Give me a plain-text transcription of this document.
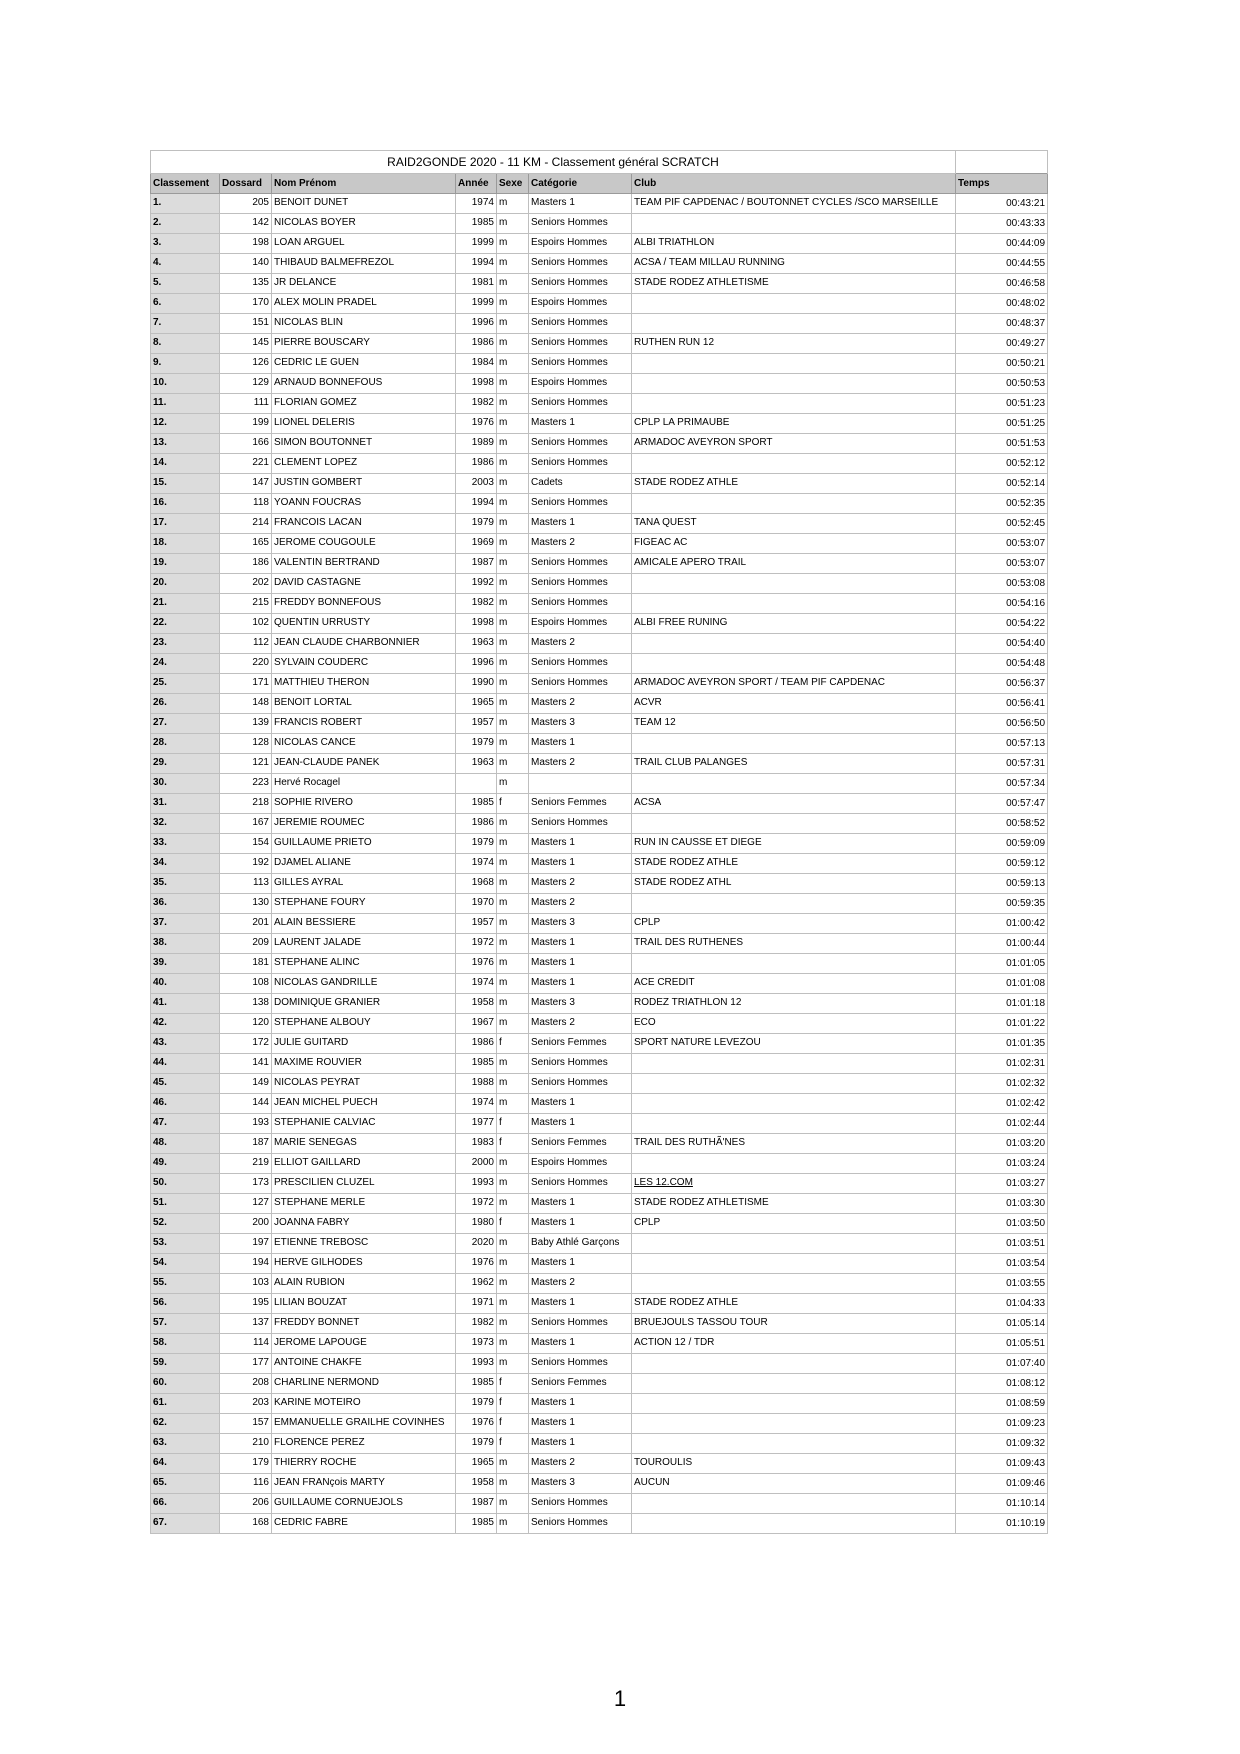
RAID2GONDE 2020 - 11 KM - Classement général SCRATCH							
Classement	Dossard	Nom Prénom	Année	Sexe	Catégorie	Club	Temps
1.	205	BENOIT DUNET	1974	m	Masters 1	TEAM PIF CAPDENAC / BOUTONNET CYCLES /SCO MARSEILLE	00:43:21
2.	142	NICOLAS BOYER	1985	m	Seniors Hommes		00:43:33
3.	198	LOAN ARGUEL	1999	m	Espoirs Hommes	ALBI TRIATHLON	00:44:09
4.	140	THIBAUD BALMEFREZOL	1994	m	Seniors Hommes	ACSA / TEAM MILLAU RUNNING	00:44:55
5.	135	JR DELANCE	1981	m	Seniors Hommes	STADE RODEZ ATHLETISME	00:46:58
6.	170	ALEX MOLIN PRADEL	1999	m	Espoirs Hommes		00:48:02
7.	151	NICOLAS BLIN	1996	m	Seniors Hommes		00:48:37
8.	145	PIERRE BOUSCARY	1986	m	Seniors Hommes	RUTHEN RUN 12	00:49:27
9.	126	CEDRIC LE GUEN	1984	m	Seniors Hommes		00:50:21
10.	129	ARNAUD BONNEFOUS	1998	m	Espoirs Hommes		00:50:53
11.	111	FLORIAN GOMEZ	1982	m	Seniors Hommes		00:51:23
12.	199	LIONEL DELERIS	1976	m	Masters 1	CPLP LA PRIMAUBE	00:51:25
13.	166	SIMON BOUTONNET	1989	m	Seniors Hommes	ARMADOC AVEYRON SPORT	00:51:53
14.	221	CLEMENT LOPEZ	1986	m	Seniors Hommes		00:52:12
15.	147	JUSTIN GOMBERT	2003	m	Cadets	STADE RODEZ ATHLE	00:52:14
16.	118	YOANN FOUCRAS	1994	m	Seniors Hommes		00:52:35
17.	214	FRANCOIS LACAN	1979	m	Masters 1	TANA QUEST	00:52:45
18.	165	JEROME COUGOULE	1969	m	Masters 2	FIGEAC AC	00:53:07
19.	186	VALENTIN BERTRAND	1987	m	Seniors Hommes	AMICALE APERO TRAIL	00:53:07
20.	202	DAVID CASTAGNE	1992	m	Seniors Hommes		00:53:08
21.	215	FREDDY BONNEFOUS	1982	m	Seniors Hommes		00:54:16
22.	102	QUENTIN URRUSTY	1998	m	Espoirs Hommes	ALBI FREE RUNING	00:54:22
23.	112	JEAN CLAUDE CHARBONNIER	1963	m	Masters 2		00:54:40
24.	220	SYLVAIN COUDERC	1996	m	Seniors Hommes		00:54:48
25.	171	MATTHIEU THERON	1990	m	Seniors Hommes	ARMADOC AVEYRON SPORT / TEAM PIF CAPDENAC	00:56:37
26.	148	BENOIT LORTAL	1965	m	Masters 2	ACVR	00:56:41
27.	139	FRANCIS ROBERT	1957	m	Masters 3	TEAM 12	00:56:50
28.	128	NICOLAS CANCE	1979	m	Masters 1		00:57:13
29.	121	JEAN-CLAUDE PANEK	1963	m	Masters 2	TRAIL CLUB PALANGES	00:57:31
30.	223	Hervé Rocagel		m			00:57:34
31.	218	SOPHIE RIVERO	1985	f	Seniors Femmes	ACSA	00:57:47
32.	167	JEREMIE ROUMEC	1986	m	Seniors Hommes		00:58:52
33.	154	GUILLAUME PRIETO	1979	m	Masters 1	RUN IN CAUSSE ET DIEGE	00:59:09
34.	192	DJAMEL ALIANE	1974	m	Masters 1	STADE RODEZ ATHLE	00:59:12
35.	113	GILLES AYRAL	1968	m	Masters 2	STADE RODEZ ATHL	00:59:13
36.	130	STEPHANE FOURY	1970	m	Masters 2		00:59:35
37.	201	ALAIN BESSIERE	1957	m	Masters 3	CPLP	01:00:42
38.	209	LAURENT JALADE	1972	m	Masters 1	TRAIL DES RUTHENES	01:00:44
39.	181	STEPHANE ALINC	1976	m	Masters 1		01:01:05
40.	108	NICOLAS GANDRILLE	1974	m	Masters 1	ACE CREDIT	01:01:08
41.	138	DOMINIQUE GRANIER	1958	m	Masters 3	RODEZ TRIATHLON 12	01:01:18
42.	120	STEPHANE ALBOUY	1967	m	Masters 2	ECO	01:01:22
43.	172	JULIE GUITARD	1986	f	Seniors Femmes	SPORT NATURE LEVEZOU	01:01:35
44.	141	MAXIME ROUVIER	1985	m	Seniors Hommes		01:02:31
45.	149	NICOLAS PEYRAT	1988	m	Seniors Hommes		01:02:32
46.	144	JEAN MICHEL PUECH	1974	m	Masters 1		01:02:42
47.	193	STEPHANIE CALVIAC	1977	f	Masters 1		01:02:44
48.	187	MARIE SENEGAS	1983	f	Seniors Femmes	TRAIL DES RUTHÃ'NES	01:03:20
49.	219	ELLIOT GAILLARD	2000	m	Espoirs Hommes		01:03:24
50.	173	PRESCILIEN CLUZEL	1993	m	Seniors Hommes	LES 12.COM	01:03:27
51.	127	STEPHANE MERLE	1972	m	Masters 1	STADE RODEZ ATHLETISME	01:03:30
52.	200	JOANNA FABRY	1980	f	Masters 1	CPLP	01:03:50
53.	197	ETIENNE TREBOSC	2020	m	Baby Athlé Garçons		01:03:51
54.	194	HERVE GILHODES	1976	m	Masters 1		01:03:54
55.	103	ALAIN RUBION	1962	m	Masters 2		01:03:55
56.	195	LILIAN BOUZAT	1971	m	Masters 1	STADE RODEZ ATHLE	01:04:33
57.	137	FREDDY BONNET	1982	m	Seniors Hommes	BRUEJOULS TASSOU TOUR	01:05:14
58.	114	JEROME LAPOUGE	1973	m	Masters 1	ACTION 12 / TDR	01:05:51
59.	177	ANTOINE CHAKFE	1993	m	Seniors Hommes		01:07:40
60.	208	CHARLINE NERMOND	1985	f	Seniors Femmes		01:08:12
61.	203	KARINE MOTEIRO	1979	f	Masters 1		01:08:59
62.	157	EMMANUELLE GRAILHE COVINHES	1976	f	Masters 1		01:09:23
63.	210	FLORENCE PEREZ	1979	f	Masters 1		01:09:32
64.	179	THIERRY ROCHE	1965	m	Masters 2	TOUROULIS	01:09:43
65.	116	JEAN FRANçois MARTY	1958	m	Masters 3	AUCUN	01:09:46
66.	206	GUILLAUME CORNUEJOLS	1987	m	Seniors Hommes		01:10:14
67.	168	CEDRIC FABRE	1985	m	Seniors Hommes		01:10:19
1
